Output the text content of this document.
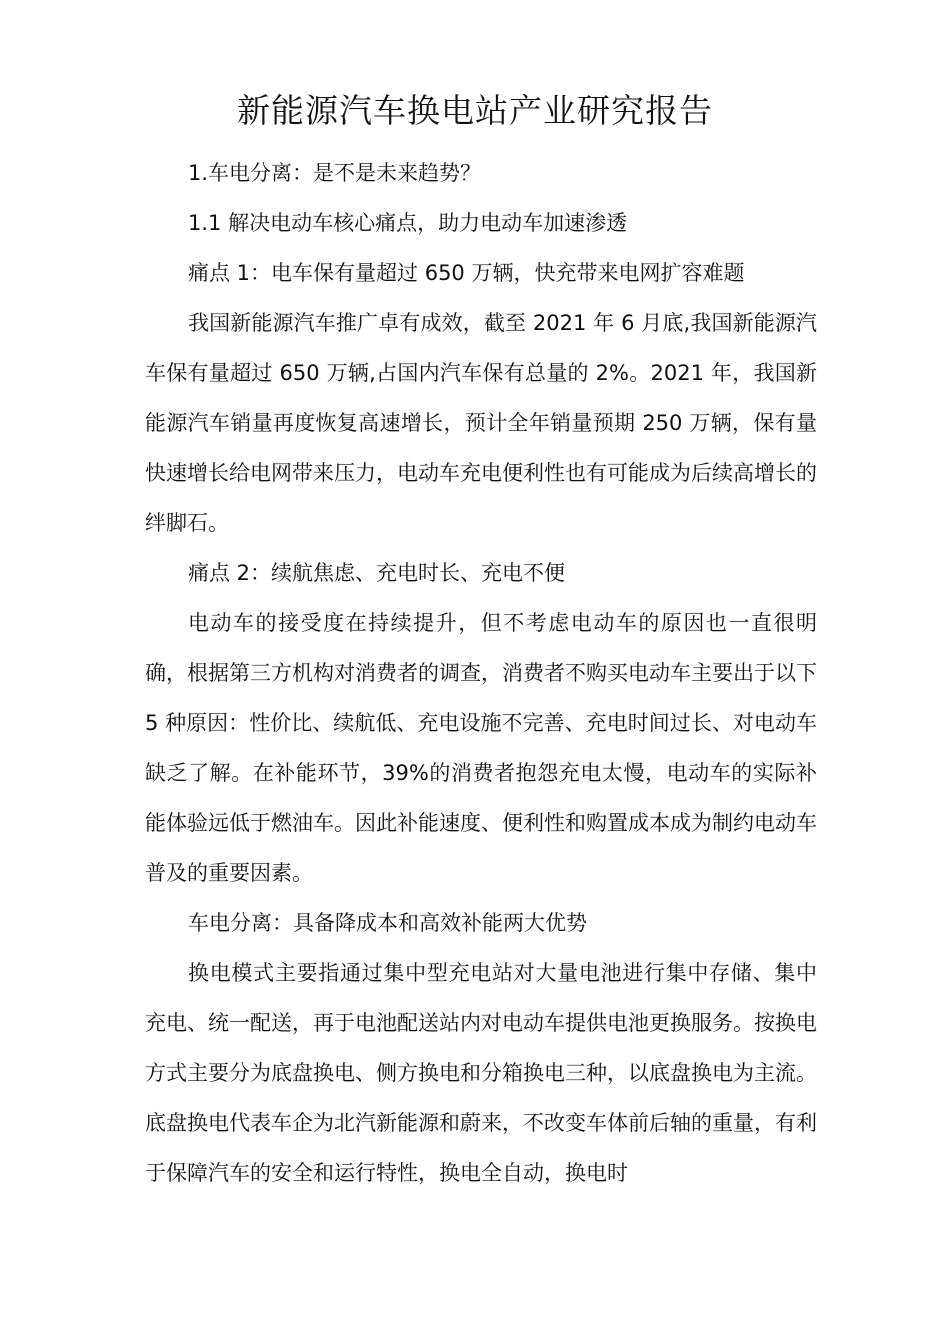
新能源汽车换电站产业研究报告

1.车电分离：是不是未来趋势？

1.1 解决电动车核心痛点，助力电动车加速渗透

痛点 1：电车保有量超过 650 万辆，快充带来电网扩容难题

我国新能源汽车推广卓有成效，截至 2021 年 6 月底,我国新能源汽车保有量超过 650 万辆,占国内汽车保有总量的 2%。2021 年，我国新能源汽车销量再度恢复高速增长，预计全年销量预期 250 万辆，保有量快速增长给电网带来压力，电动车充电便利性也有可能成为后续高增长的绊脚石。

痛点 2：续航焦虑、充电时长、充电不便

电动车的接受度在持续提升，但不考虑电动车的原因也一直很明确，根据第三方机构对消费者的调查，消费者不购买电动车主要出于以下 5 种原因：性价比、续航低、充电设施不完善、充电时间过长、对电动车缺乏了解。在补能环节，39%的消费者抱怨充电太慢，电动车的实际补能体验远低于燃油车。因此补能速度、便利性和购置成本成为制约电动车普及的重要因素。

车电分离：具备降成本和高效补能两大优势

换电模式主要指通过集中型充电站对大量电池进行集中存储、集中充电、统一配送，再于电池配送站内对电动车提供电池更换服务。按换电方式主要分为底盘换电、侧方换电和分箱换电三种，以底盘换电为主流。底盘换电代表车企为北汽新能源和蔚来，不改变车体前后轴的重量，有利于保障汽车的安全和运行特性，换电全自动，换电时
